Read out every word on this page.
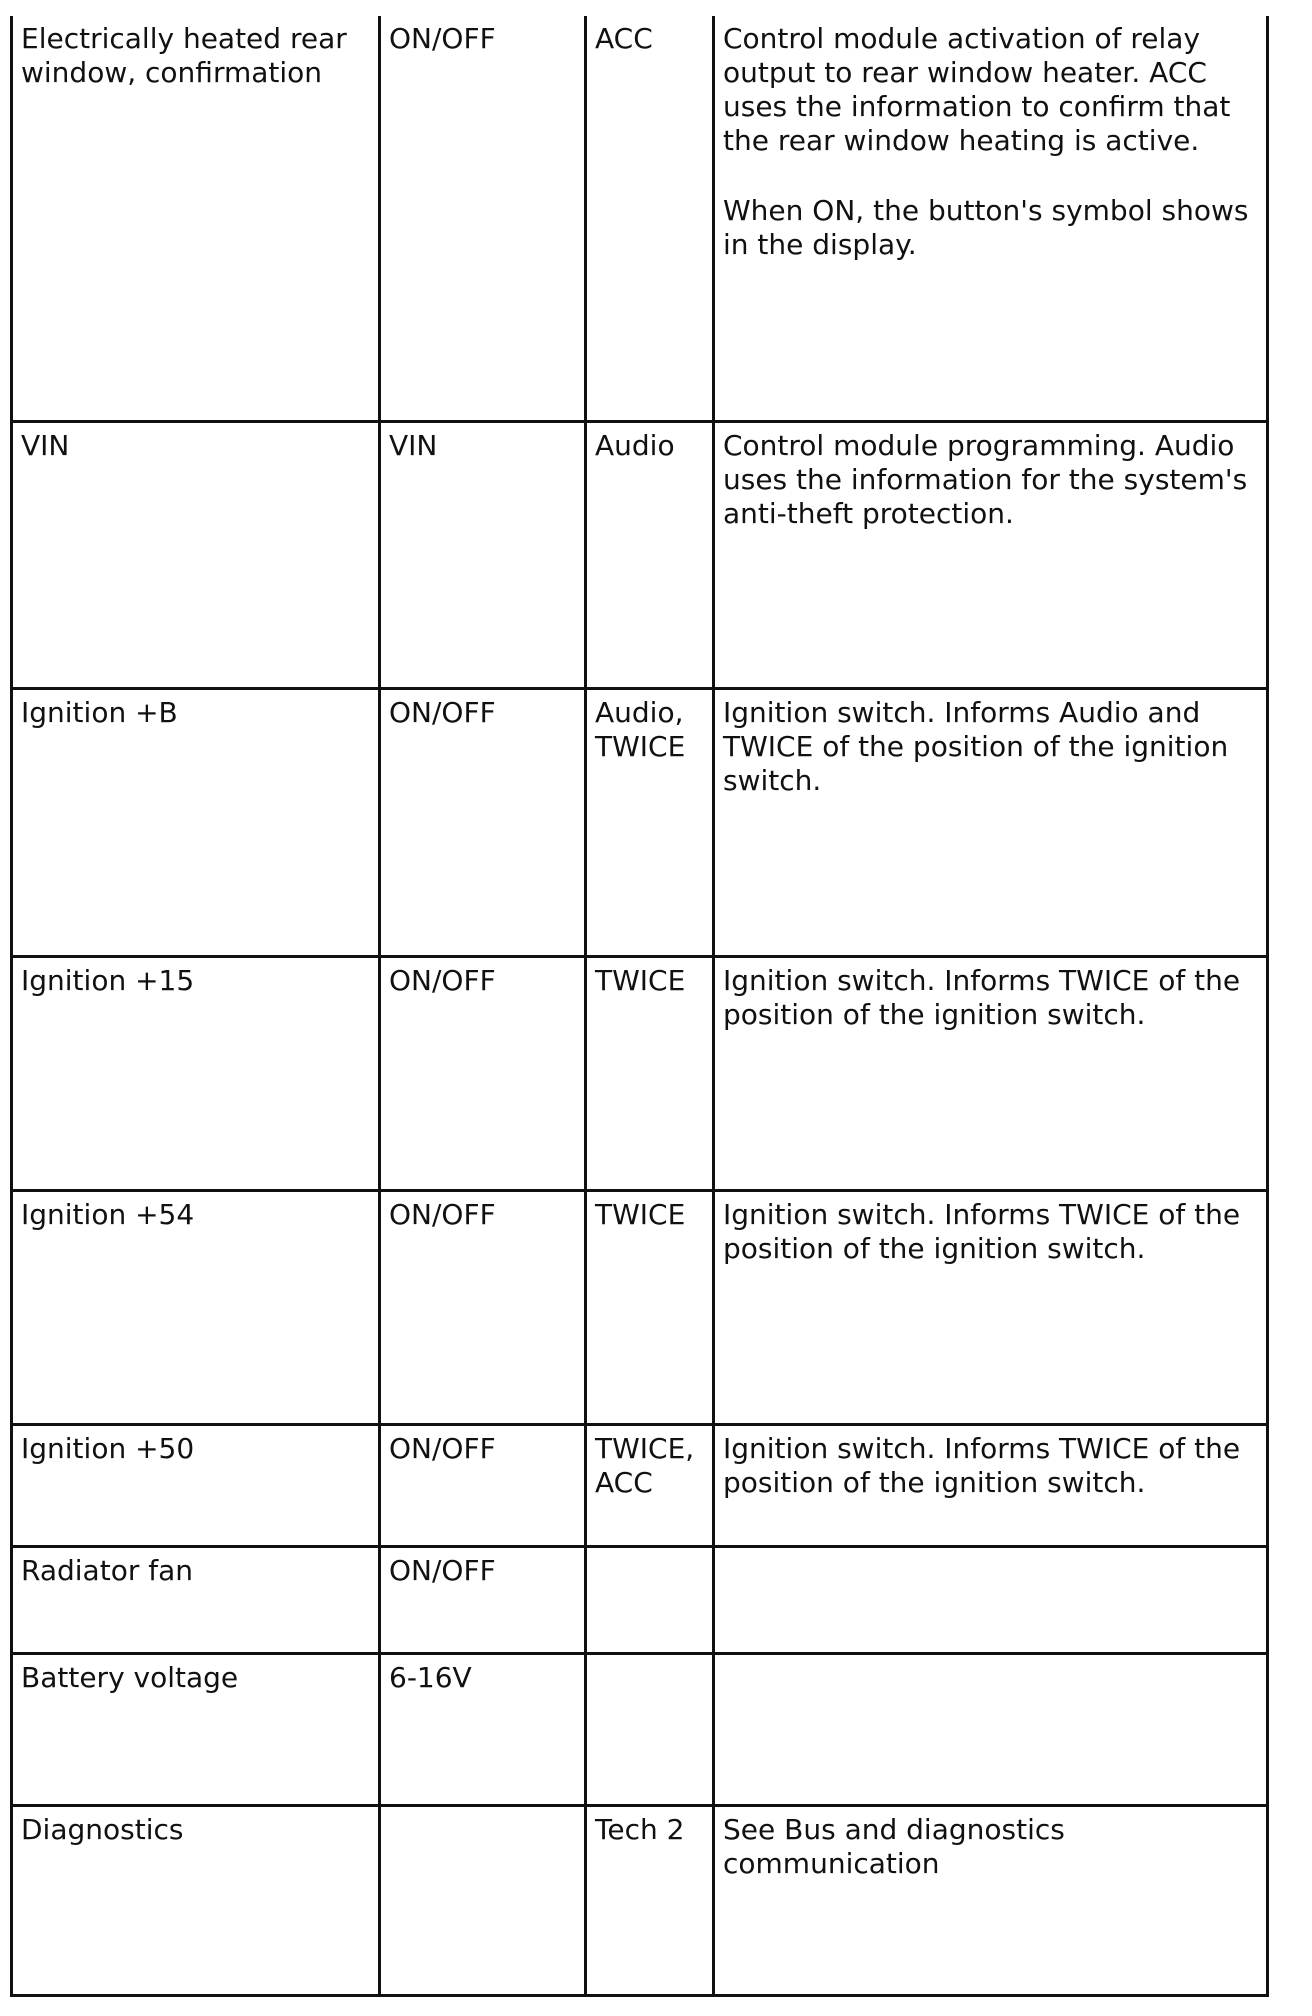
Electrically heated rear window, confirmation	ON/OFF	ACC	Control module activation of relay output to rear window heater. ACC uses the information to confirm that the rear window heating is active.
When ON, the button's symbol shows in the display.

VIN	VIN	Audio	Control module programming. Audio uses the information for the system's anti-theft protection.

Ignition +B	ON/OFF	Audio, TWICE	Ignition switch. Informs Audio and TWICE of the position of the ignition switch.

Ignition +15	ON/OFF	TWICE	Ignition switch. Informs TWICE of the position of the ignition switch.

Ignition +54	ON/OFF	TWICE	Ignition switch. Informs TWICE of the position of the ignition switch.

Ignition +50	ON/OFF	TWICE, ACC	Ignition switch. Informs TWICE of the position of the ignition switch.

Radiator fan	ON/OFF		
Battery voltage	6-16V		
Diagnostics		Tech 2	See Bus and diagnostics communication
